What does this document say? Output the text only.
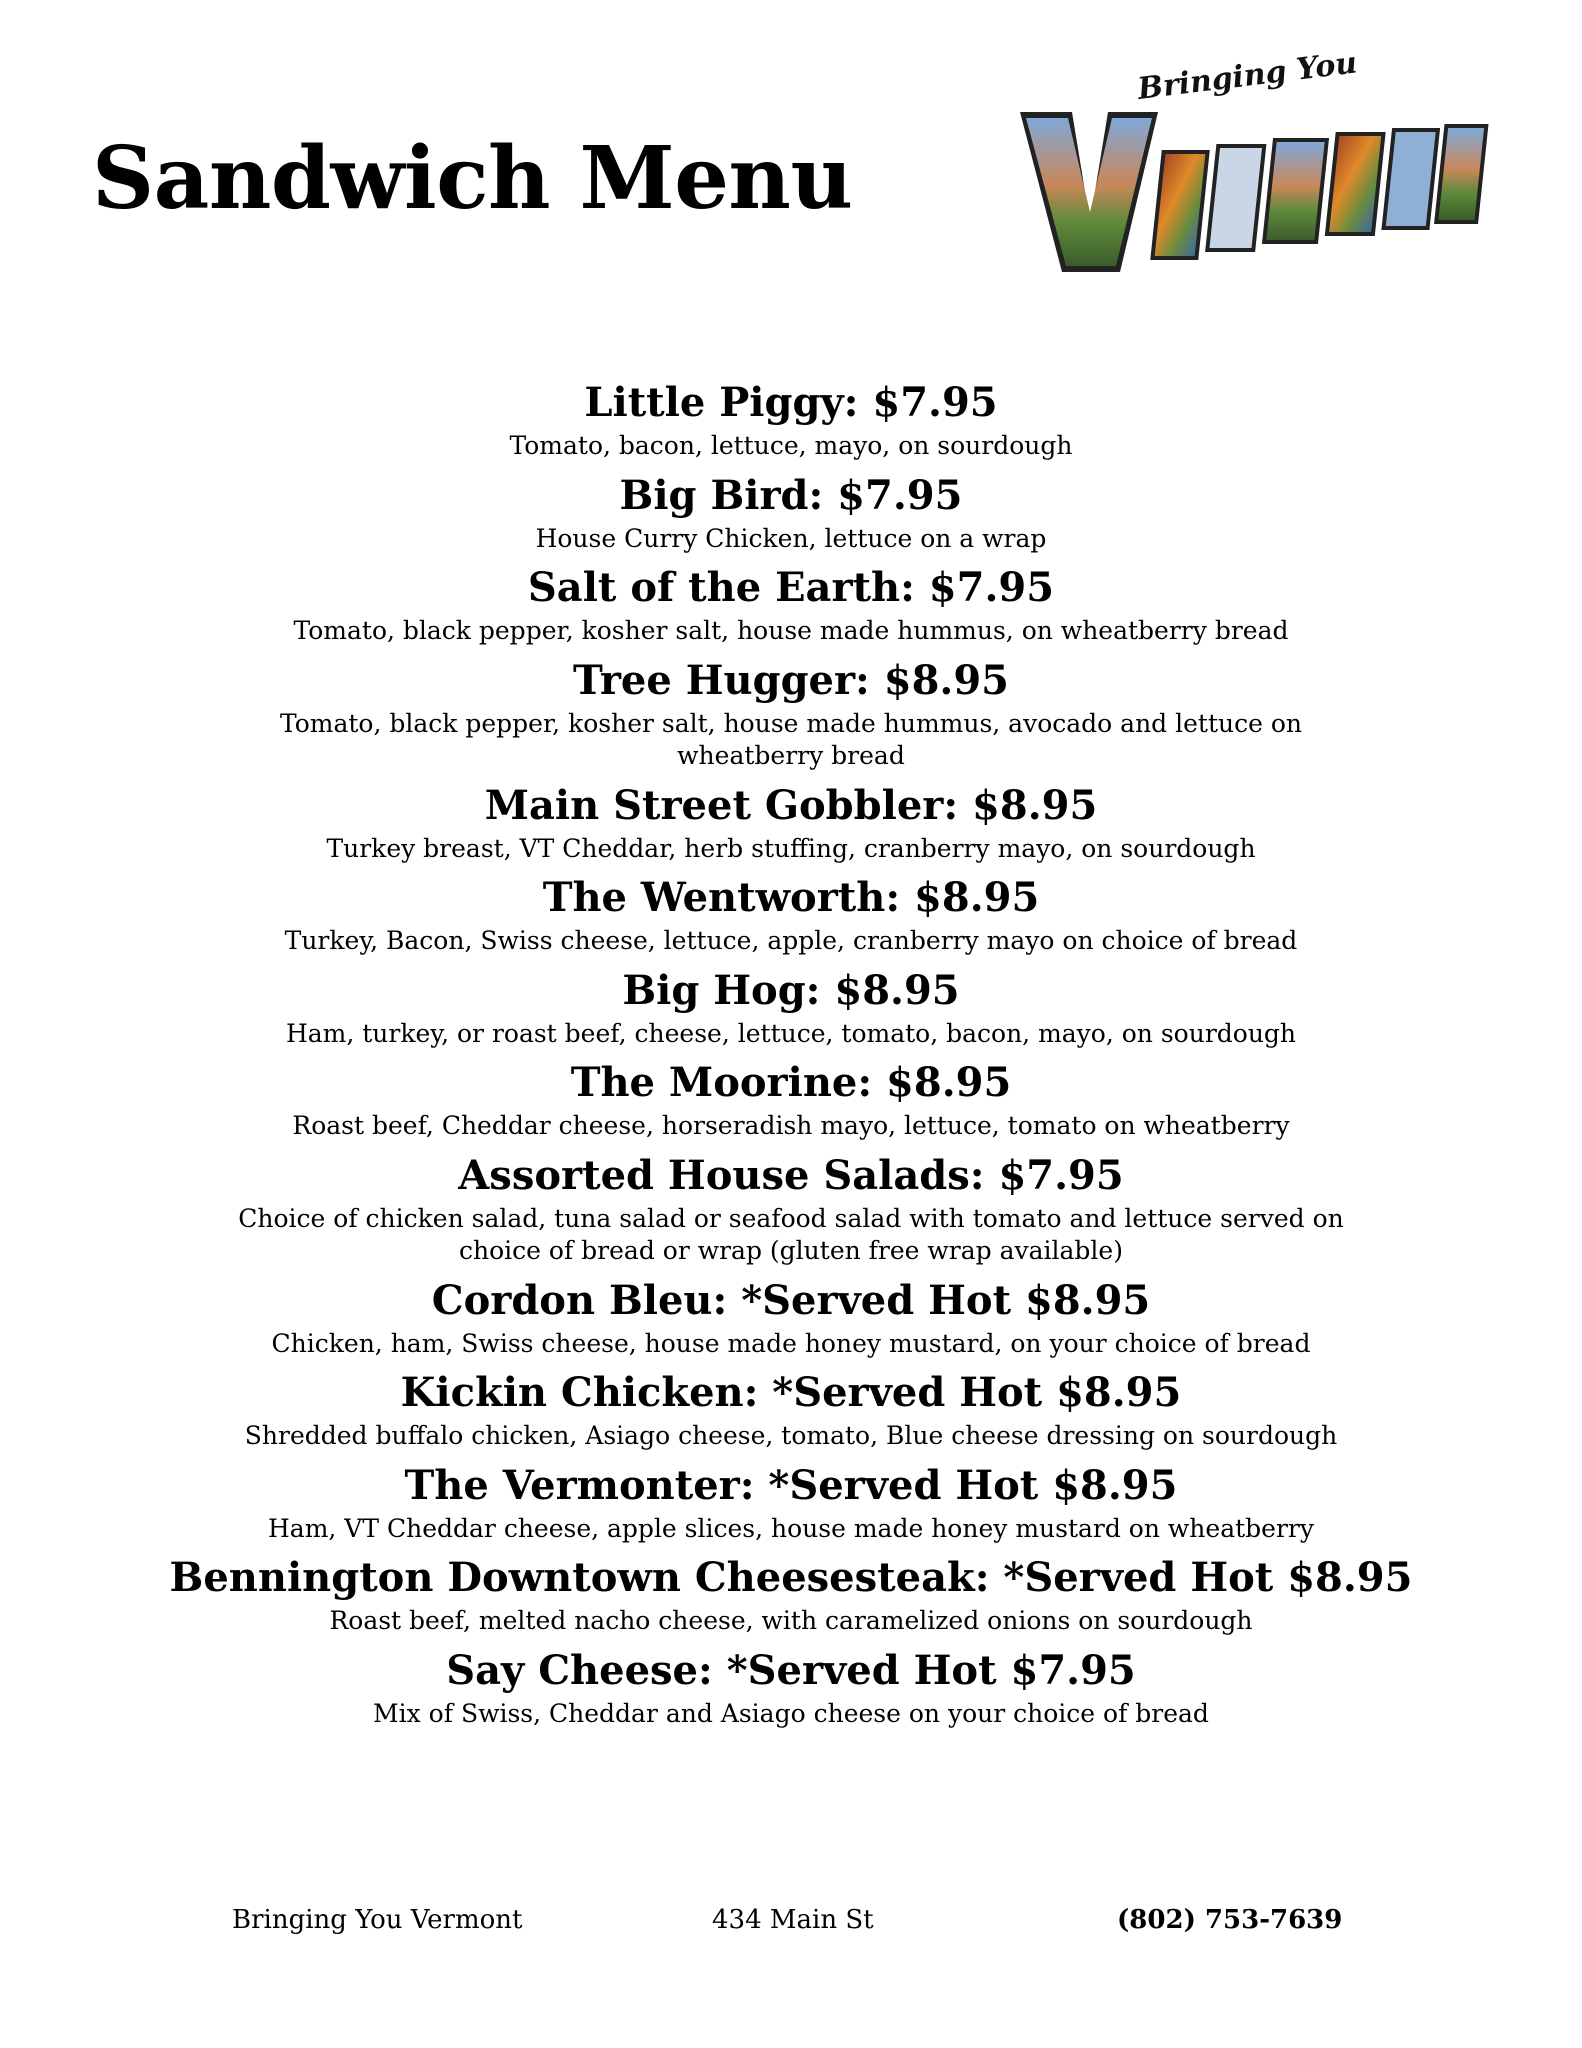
Sandwich Menu
Bringing You

Little Piggy: $7.95

Tomato, bacon, lettuce, mayo, on sourdough

Big Bird: $7.95

House Curry Chicken, lettuce on a wrap

Salt of the Earth: $7.95

Tomato, black pepper, kosher salt, house made hummus, on wheatberry bread

Tree Hugger: $8.95

Tomato, black pepper, kosher salt, house made hummus, avocado and lettuce on wheatberry bread

Main Street Gobbler: $8.95

Turkey breast, VT Cheddar, herb stuffing, cranberry mayo, on sourdough

The Wentworth: $8.95

Turkey, Bacon, Swiss cheese, lettuce, apple, cranberry mayo on choice of bread

Big Hog: $8.95

Ham, turkey, or roast beef, cheese, lettuce, tomato, bacon, mayo, on sourdough

The Moorine: $8.95

Roast beef, Cheddar cheese, horseradish mayo, lettuce, tomato on wheatberry

Assorted House Salads: $7.95

Choice of chicken salad, tuna salad or seafood salad with tomato and lettuce served on choice of bread or wrap (gluten free wrap available)

Cordon Bleu: *Served Hot $8.95

Chicken, ham, Swiss cheese, house made honey mustard, on your choice of bread

Kickin Chicken: *Served Hot $8.95

Shredded buffalo chicken, Asiago cheese, tomato, Blue cheese dressing on sourdough

The Vermonter: *Served Hot $8.95

Ham, VT Cheddar cheese, apple slices, house made honey mustard on wheatberry

Bennington Downtown Cheesesteak: *Served Hot $8.95

Roast beef, melted nacho cheese, with caramelized onions on sourdough

Say Cheese: *Served Hot $7.95

Mix of Swiss, Cheddar and Asiago cheese on your choice of bread

Bringing You Vermont	434 Main St	(802) 753-7639
